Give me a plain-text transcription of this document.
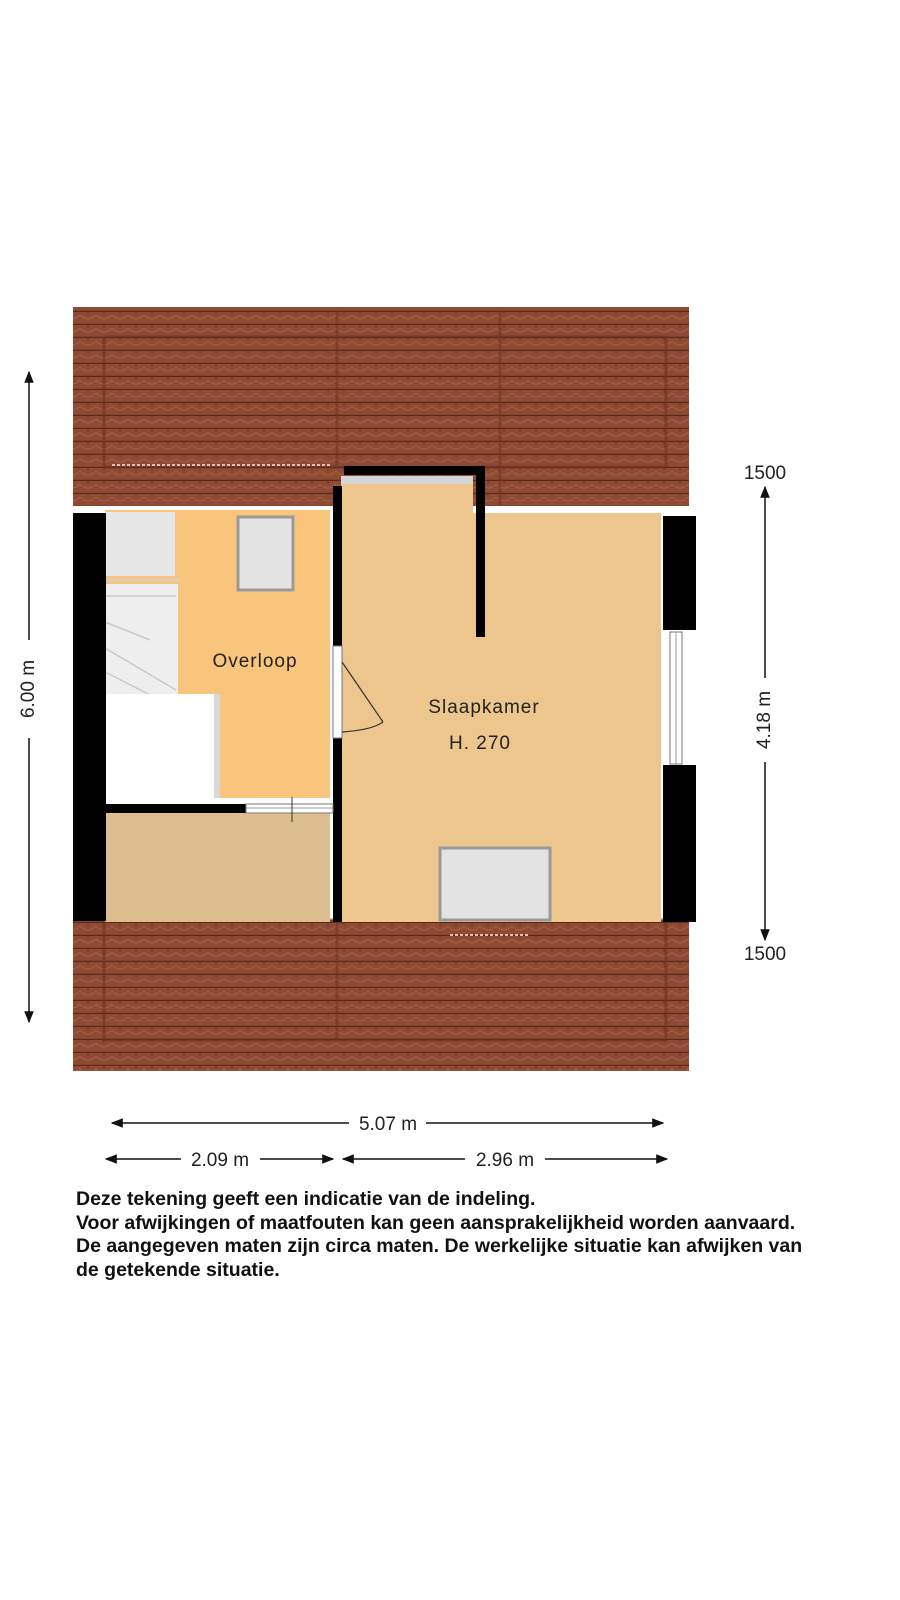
Overloop
Slaapkamer
H. 270
6.00 m
4.18 m
1500
1500
5.07 m
2.09 m	2.96 m
Deze tekening geeft een indicatie van de indeling.
Voor afwijkingen of maatfouten kan geen aansprakelijkheid worden aanvaard.
De aangegeven maten zijn circa maten. De werkelijke situatie kan afwijken van
de getekende situatie.
